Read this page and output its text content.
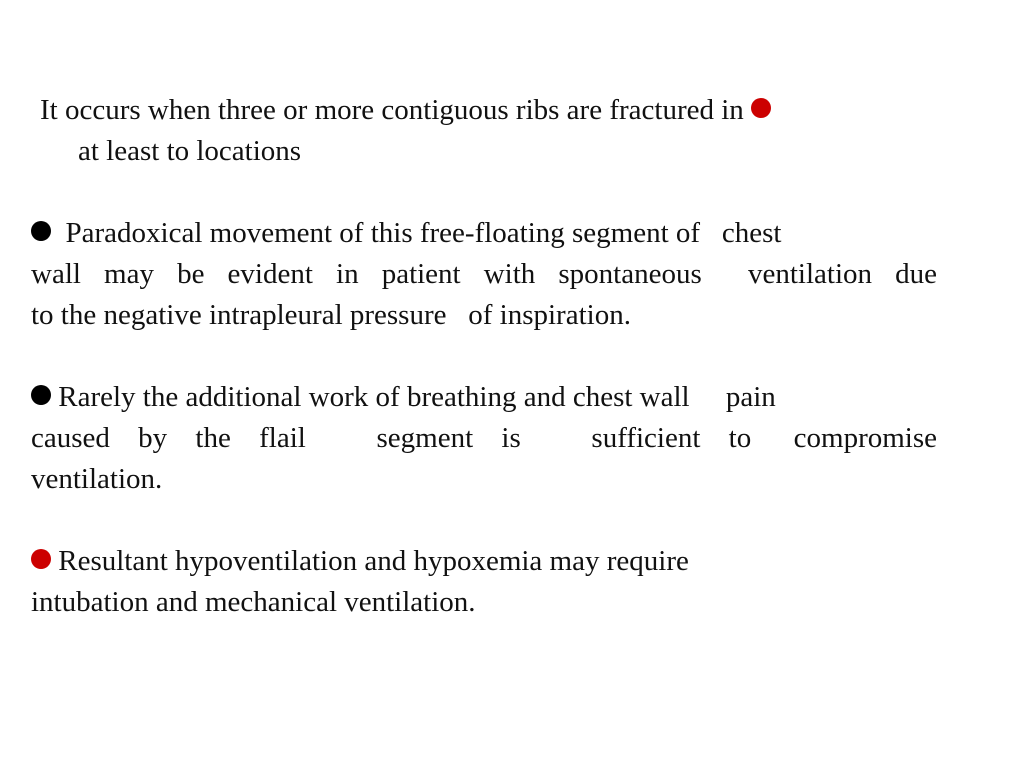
It occurs when three or more contiguous ribs are fractured in
at least to locations
Paradoxical movement of this free-floating segment of   chest
wall may be evident in patient with spontaneous  ventilation due
to the negative intrapleural pressure   of inspiration.
Rarely the additional work of breathing and chest wall     pain
caused  by  the  flail     segment  is     sufficient  to   compromise
ventilation.
Resultant hypoventilation and hypoxemia may require
intubation and mechanical ventilation.
